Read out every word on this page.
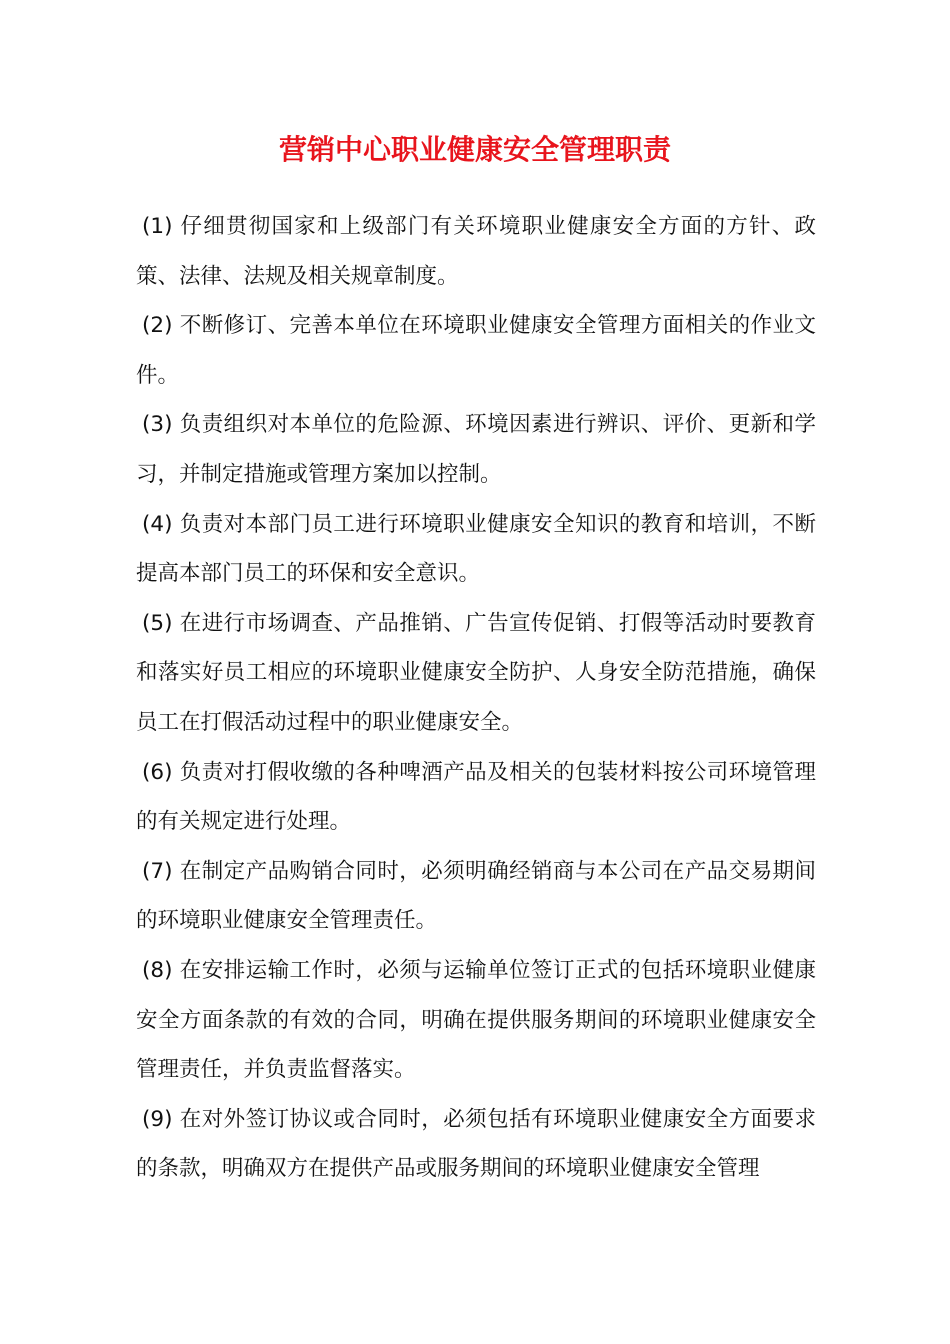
营销中心职业健康安全管理职责

(1) 仔细贯彻国家和上级部门有关环境职业健康安全方面的方针、政策、法律、法规及相关规章制度。

(2) 不断修订、完善本单位在环境职业健康安全管理方面相关的作业文件。

(3) 负责组织对本单位的危险源、环境因素进行辨识、评价、更新和学习，并制定措施或管理方案加以控制。

(4) 负责对本部门员工进行环境职业健康安全知识的教育和培训，不断提高本部门员工的环保和安全意识。

(5) 在进行市场调查、产品推销、广告宣传促销、打假等活动时要教育和落实好员工相应的环境职业健康安全防护、人身安全防范措施，确保员工在打假活动过程中的职业健康安全。

(6) 负责对打假收缴的各种啤酒产品及相关的包装材料按公司环境管理的有关规定进行处理。

(7) 在制定产品购销合同时，必须明确经销商与本公司在产品交易期间的环境职业健康安全管理责任。

(8) 在安排运输工作时，必须与运输单位签订正式的包括环境职业健康安全方面条款的有效的合同，明确在提供服务期间的环境职业健康安全管理责任，并负责监督落实。

(9) 在对外签订协议或合同时，必须包括有环境职业健康安全方面要求的条款，明确双方在提供产品或服务期间的环境职业健康安全管理
